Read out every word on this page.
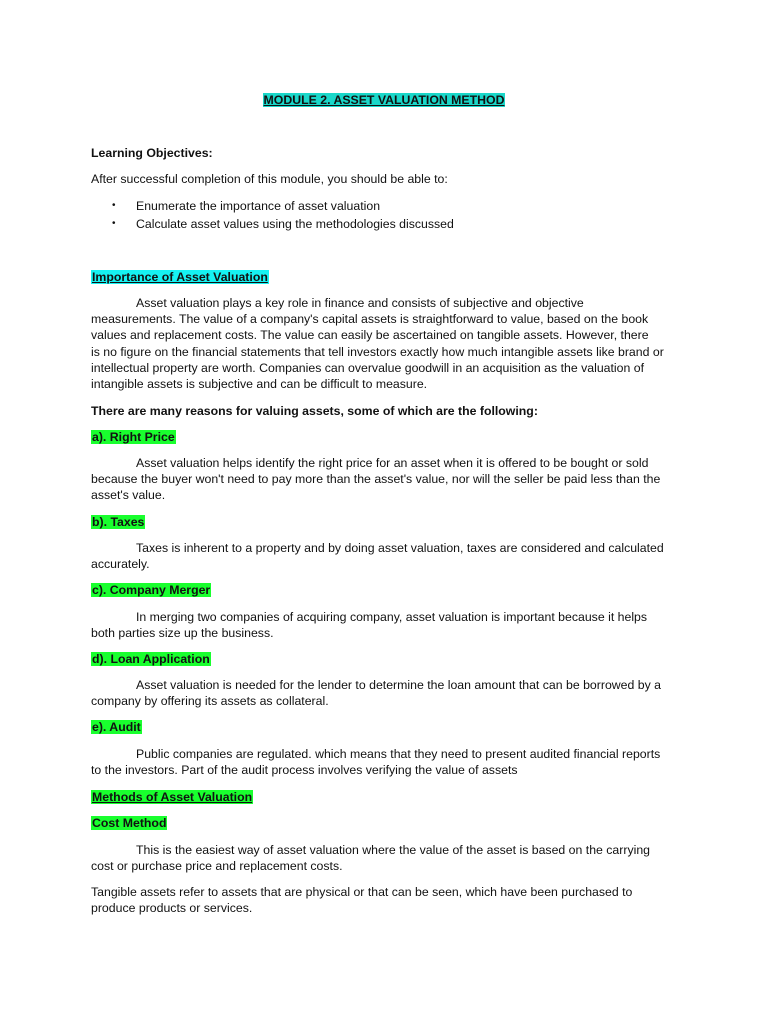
MODULE 2. ASSET VALUATION METHOD

Learning Objectives:

After successful completion of this module, you should be able to:

• Enumerate the importance of asset valuation
• Calculate asset values using the methodologies discussed

Importance of Asset Valuation

Asset valuation plays a key role in finance and consists of subjective and objective
measurements. The value of a company's capital assets is straightforward to value, based on the book
values and replacement costs. The value can easily be ascertained on tangible assets. However, there
is no figure on the financial statements that tell investors exactly how much intangible assets like brand or
intellectual property are worth. Companies can overvalue goodwill in an acquisition as the valuation of
intangible assets is subjective and can be difficult to measure.

There are many reasons for valuing assets, some of which are the following:

a). Right Price

Asset valuation helps identify the right price for an asset when it is offered to be bought or sold
because the buyer won't need to pay more than the asset's value, nor will the seller be paid less than the
asset's value.

b). Taxes

Taxes is inherent to a property and by doing asset valuation, taxes are considered and calculated
accurately.

c). Company Merger

In merging two companies of acquiring company, asset valuation is important because it helps
both parties size up the business.

d). Loan Application

Asset valuation is needed for the lender to determine the loan amount that can be borrowed by a
company by offering its assets as collateral.

e). Audit

Public companies are regulated. which means that they need to present audited financial reports
to the investors. Part of the audit process involves verifying the value of assets

Methods of Asset Valuation

Cost Method

This is the easiest way of asset valuation where the value of the asset is based on the carrying
cost or purchase price and replacement costs.
Tangible assets refer to assets that are physical or that can be seen, which have been purchased to
produce products or services.
